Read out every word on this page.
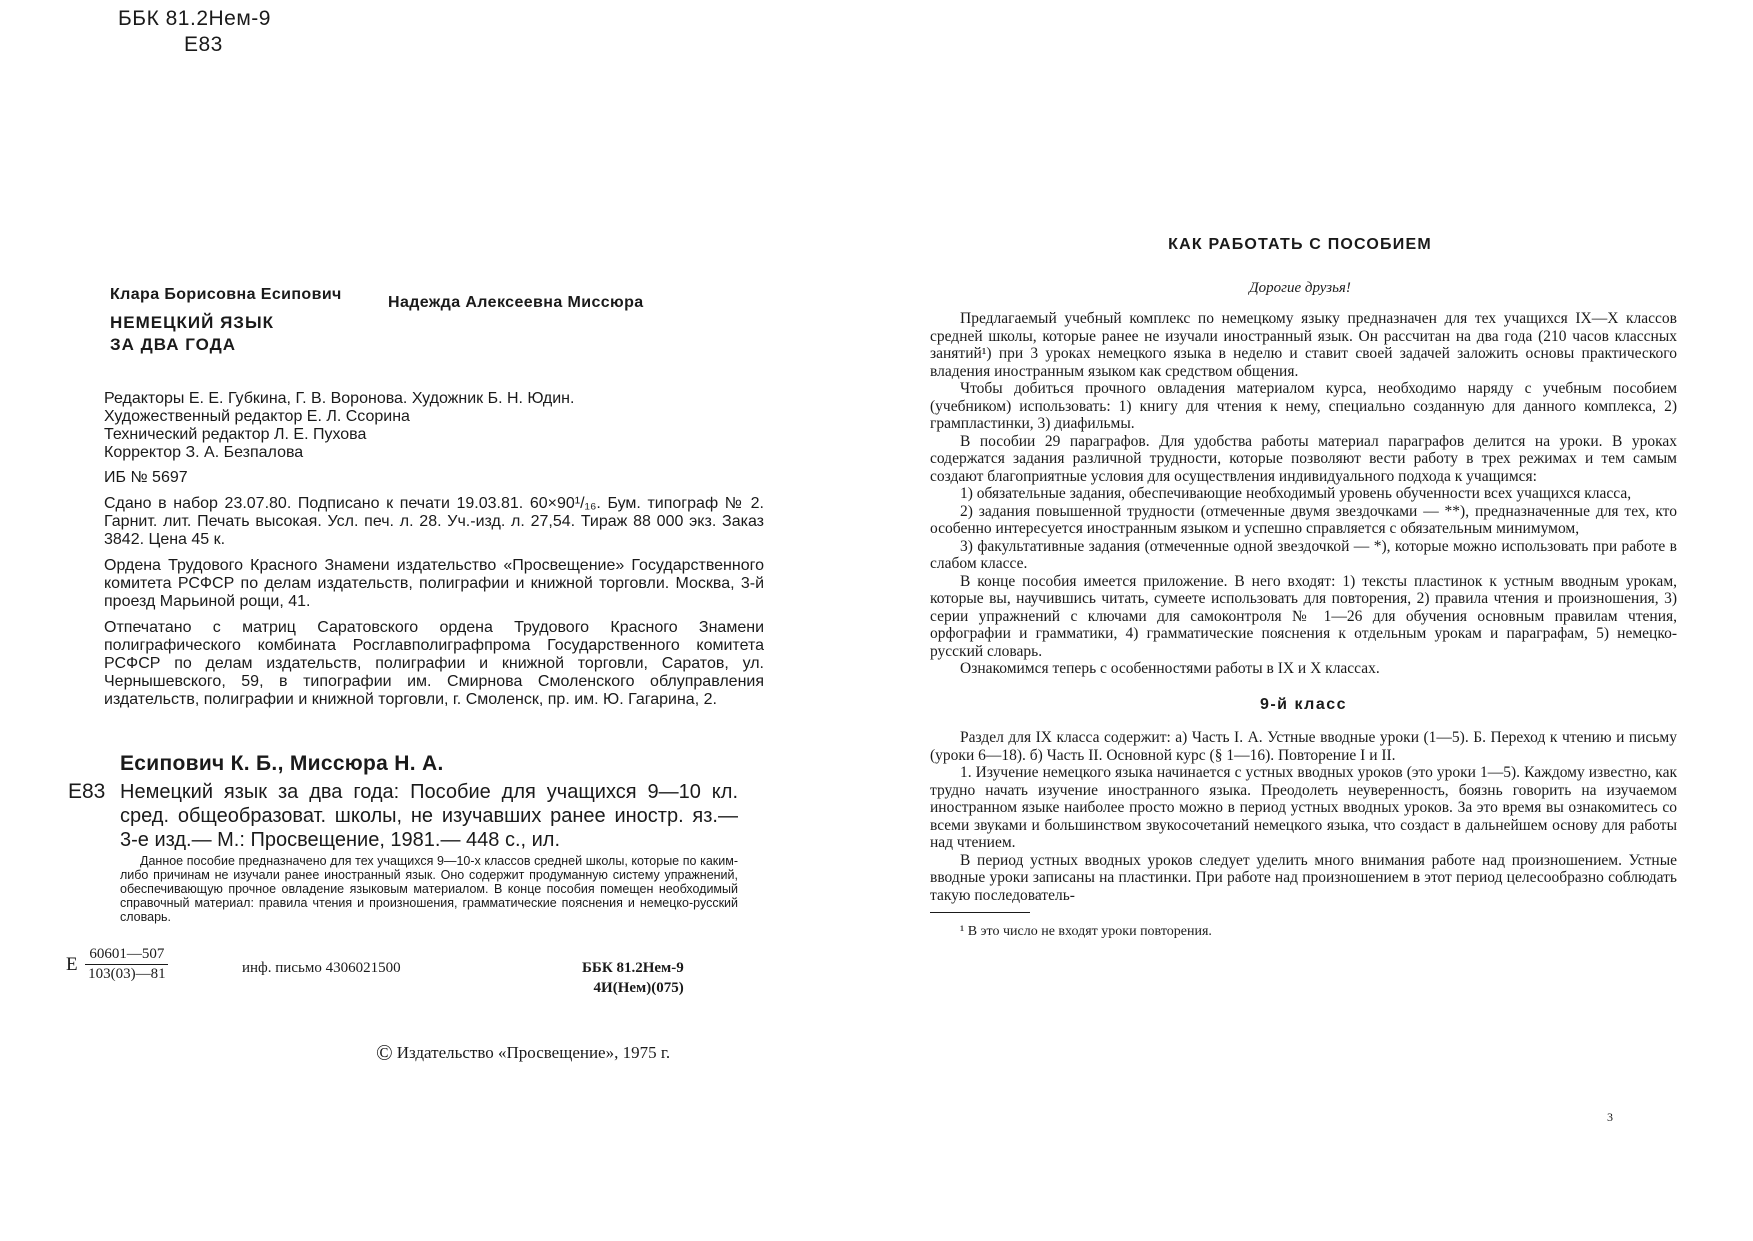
ББК 81.2Нем-9
Е83
Клара Борисовна Есипович	Надежда Алексеевна Миссюра
НЕМЕЦКИЙ ЯЗЫК
ЗА ДВА ГОДА

Редакторы Е. Е. Губкина, Г. В. Воронова. Художник Б. Н. Юдин.

Художественный редактор Е. Л. Ссорина

Технический редактор Л. Е. Пухова

Корректор З. А. Безпалова

ИБ № 5697

Сдано в набор 23.07.80. Подписано к печати 19.03.81. 60×90¹/₁₆. Бум. типограф № 2. Гарнит. лит. Печать высокая. Усл. печ. л. 28. Уч.-изд. л. 27,54. Тираж 88 000 экз. Заказ 3842. Цена 45 к.

Ордена Трудового Красного Знамени издательство «Просвещение» Государственного комитета РСФСР по делам издательств, полиграфии и книжной торговли. Москва, 3-й проезд Марьиной рощи, 41.

Отпечатано с матриц Саратовского ордена Трудового Красного Знамени полиграфического комбината Росглавполиграфпрома Государственного комитета РСФСР по делам издательств, полиграфии и книжной торговли, Саратов, ул. Чернышевского, 59, в типографии им. Смирнова Смоленского облуправления издательств, полиграфии и книжной торговли, г. Смоленск, пр. им. Ю. Гагарина, 2.

Е83
Есипович К. Б., Миссюра Н. А.
Немецкий язык за два года: Пособие для учащихся 9—10 кл. сред. общеобразоват. школы, не изучавших ранее иностр. яз.— 3-е изд.— М.: Просвещение, 1981.— 448 с., ил.
Данное пособие предназначено для тех учащихся 9—10-х классов средней школы, которые по каким-либо причинам не изучали ранее иностранный язык. Оно содержит продуманную систему упражнений, обеспечивающую прочное овладение языковым материалом. В конце пособия помещен необходимый справочный материал: правила чтения и произношения, грамматические пояснения и немецко-русский словарь.
Е $\frac{60601—507}{103(03)—81}$	инф. письмо 4306021500	ББК 81.2Нем-9
4И(Нем)(075)
© Издательство «Просвещение», 1975 г.
КАК РАБОТАТЬ С ПОСОБИЕМ
Дорогие друзья!

Предлагаемый учебный комплекс по немецкому языку предназначен для тех учащихся IX—X классов средней школы, которые ранее не изучали иностранный язык. Он рассчитан на два года (210 часов классных занятий¹) при 3 уроках немецкого языка в неделю и ставит своей задачей заложить основы практического владения иностранным языком как средством общения.

Чтобы добиться прочного овладения материалом курса, необходимо наряду с учебным пособием (учебником) использовать: 1) книгу для чтения к нему, специально созданную для данного комплекса, 2) грампластинки, 3) диафильмы.

В пособии 29 параграфов. Для удобства работы материал параграфов делится на уроки. В уроках содержатся задания различной трудности, которые позволяют вести работу в трех режимах и тем самым создают благоприятные условия для осуществления индивидуального подхода к учащимся:

1) обязательные задания, обеспечивающие необходимый уровень обученности всех учащихся класса,

2) задания повышенной трудности (отмеченные двумя звездочками — **), предназначенные для тех, кто особенно интересуется иностранным языком и успешно справляется с обязательным минимумом,

3) факультативные задания (отмеченные одной звездочкой — *), которые можно использовать при работе в слабом классе.

В конце пособия имеется приложение. В него входят: 1) тексты пластинок к устным вводным урокам, которые вы, научившись читать, сумеете использовать для повторения, 2) правила чтения и произношения, 3) серии упражнений с ключами для самоконтроля № 1—26 для обучения основным правилам чтения, орфографии и грамматики, 4) грамматические пояснения к отдельным урокам и параграфам, 5) немецко-русский словарь.

Ознакомимся теперь с особенностями работы в IX и X классах.

9-й класс

Раздел для IX класса содержит: а) Часть I. А. Устные вводные уроки (1—5). Б. Переход к чтению и письму (уроки 6—18). б) Часть II. Основной курс (§ 1—16). Повторение I и II.

1. Изучение немецкого языка начинается с устных вводных уроков (это уроки 1—5). Каждому известно, как трудно начать изучение иностранного языка. Преодолеть неуверенность, боязнь говорить на изучаемом иностранном языке наиболее просто можно в период устных вводных уроков. За это время вы ознакомитесь со всеми звуками и большинством звукосочетаний немецкого языка, что создаст в дальнейшем основу для работы над чтением.

В период устных вводных уроков следует уделить много внимания работе над произношением. Устные вводные уроки записаны на пластинки. При работе над произношением в этот период целесообразно соблюдать такую последователь-

¹ В это число не входят уроки повторения.
3
